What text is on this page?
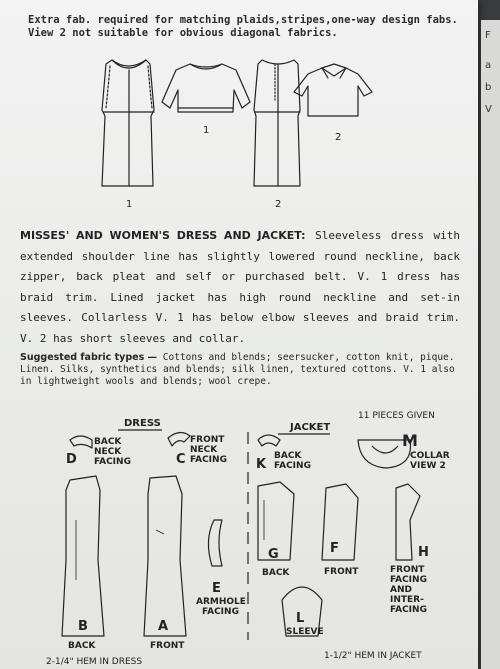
Extra fab. required for matching plaids,stripes,one-way design fabs.
View 2 not suitable for obvious diagonal fabrics.
1
1
2
2
MISSES' AND WOMEN'S DRESS AND JACKET: Sleeveless dress with extended shoulder line has slightly lowered round neckline, back zipper, back pleat and self or purchased belt. V. 1 dress has braid trim. Lined jacket has high round neckline and set-in sleeves. Collarless V. 1 has below elbow sleeves and braid trim. V. 2 has short sleeves and collar.
Suggested fabric types — Cottons and blends; seersucker, cotton knit, pique. Linen. Silks, synthetics and blends; silk linen, textured cottons. V. 1 also in lightweight wools and blends; wool crepe.
DRESS	JACKET
11 PIECES GIVEN
D
BACK
NECK
FACING	C
FRONT
NECK
FACING K
BACK
FACING
M
COLLAR
VIEW 2
B
BACK
A
FRONT
E
ARMHOLE
FACING
G
BACK
F
FRONT
H
FRONT
FACING
AND
INTER-
FACING
L
SLEEVE
2-1/4" HEM IN DRESS
1-1/2" HEM IN JACKET
F
a
b
V
